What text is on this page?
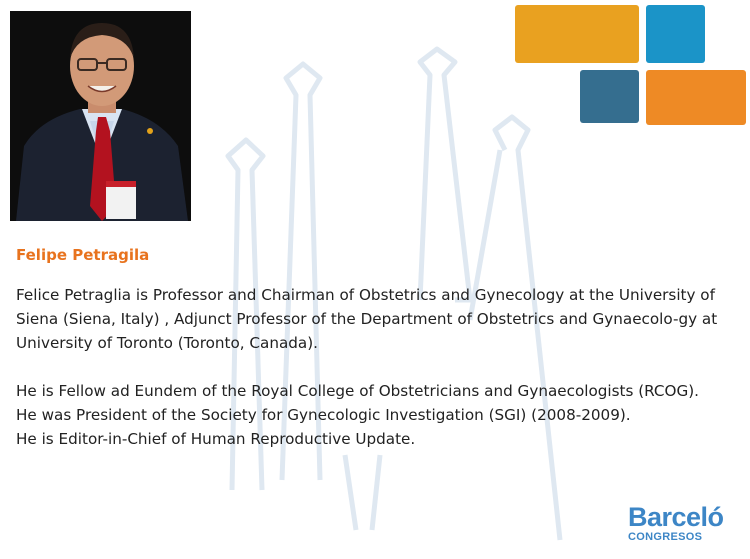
Felipe Petragila

Felice Petraglia is Professor and Chairman of Obstetrics and Gynecology at the University of Siena (Siena, Italy) , Adjunct Professor of the Department of Obstetrics and Gynaecolo-gy at University of Toronto (Toronto, Canada).

He is Fellow ad Eundem of the Royal College of Obstetricians and Gynaecologists (RCOG).
He was President of the Society for Gynecologic Investigation (SGI) (2008-2009).
He is Editor-in-Chief of Human Reproductive Update.

Barceló
CONGRESOS
